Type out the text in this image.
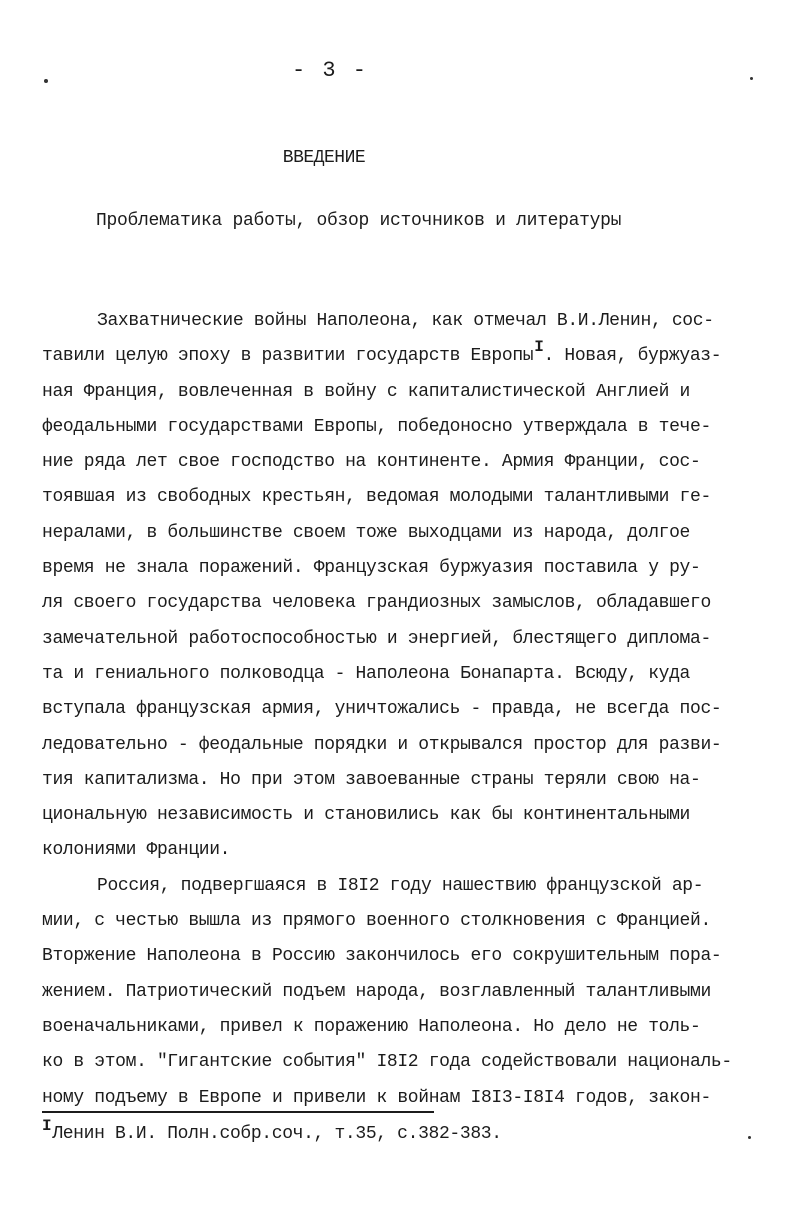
- 3 -
ВВЕДЕНИЕ
Проблематика работы, обзор источников и литературы
Захватнические войны Наполеона, как отмечал В.И.Ленин, сос-
тавили целую эпоху в развитии государств ЕвропыI. Новая, буржуаз-
ная Франция, вовлеченная в войну с капиталистической Англией и
феодальными государствами Европы, победоносно утверждала в тече-
ние ряда лет свое господство на континенте. Армия Франции, сос-
тоявшая из свободных крестьян, ведомая молодыми талантливыми ге-
нералами, в большинстве своем тоже выходцами из народа, долгое
время не знала поражений. Французская буржуазия поставила у ру-
ля своего государства человека грандиозных замыслов, обладавшего
замечательной работоспособностью и энергией, блестящего диплома-
та и гениального полководца - Наполеона Бонапарта. Всюду, куда
вступала французская армия, уничтожались - правда, не всегда пос-
ледовательно - феодальные порядки и открывался простор для разви-
тия капитализма. Но при этом завоеванные страны теряли свою на-
циональную независимость и становились как бы континентальными
колониями Франции.
Россия, подвергшаяся в I8I2 году нашествию французской ар-
мии, с честью вышла из прямого военного столкновения с Францией.
Вторжение Наполеона в Россию закончилось его сокрушительным пора-
жением. Патриотический подъем народа, возглавленный талантливыми
военачальниками, привел к поражению Наполеона. Но дело не толь-
ко в этом. "Гигантские события" I8I2 года содействовали националь-
ному подъему в Европе и привели к войнам I8I3-I8I4 годов, закон-
IЛенин В.И. Полн.собр.соч., т.35, с.382-383.
